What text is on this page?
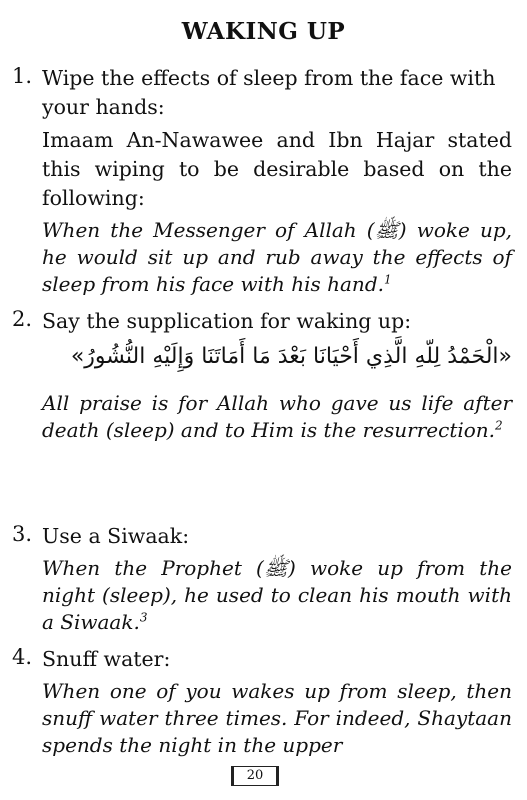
WAKING UP
1. Wipe the effects of sleep from the face with your hands:

Imaam An-Nawawee and Ibn Hajar stated this wiping to be desirable based on the following:

When the Messenger of Allah (ﷺ) woke up, he would sit up and rub away the effects of sleep from his face with his hand.$^1$

2. Say the supplication for waking up:

«الْحَمْدُ لِلّهِ الَّذِي أَحْيَانَا بَعْدَ مَا أَمَاتَنَا وَإِلَيْهِ النُّشُورُ»

All praise is for Allah who gave us life after death (sleep) and to Him is the resurrection.$^2$

3. Use a Siwaak:

When the Prophet (ﷺ) woke up from the night (sleep), he used to clean his mouth with a Siwaak.$^3$

4. Snuff water:

When one of you wakes up from sleep, then snuff water three times. For indeed, Shaytaan spends the night in the upper

20
